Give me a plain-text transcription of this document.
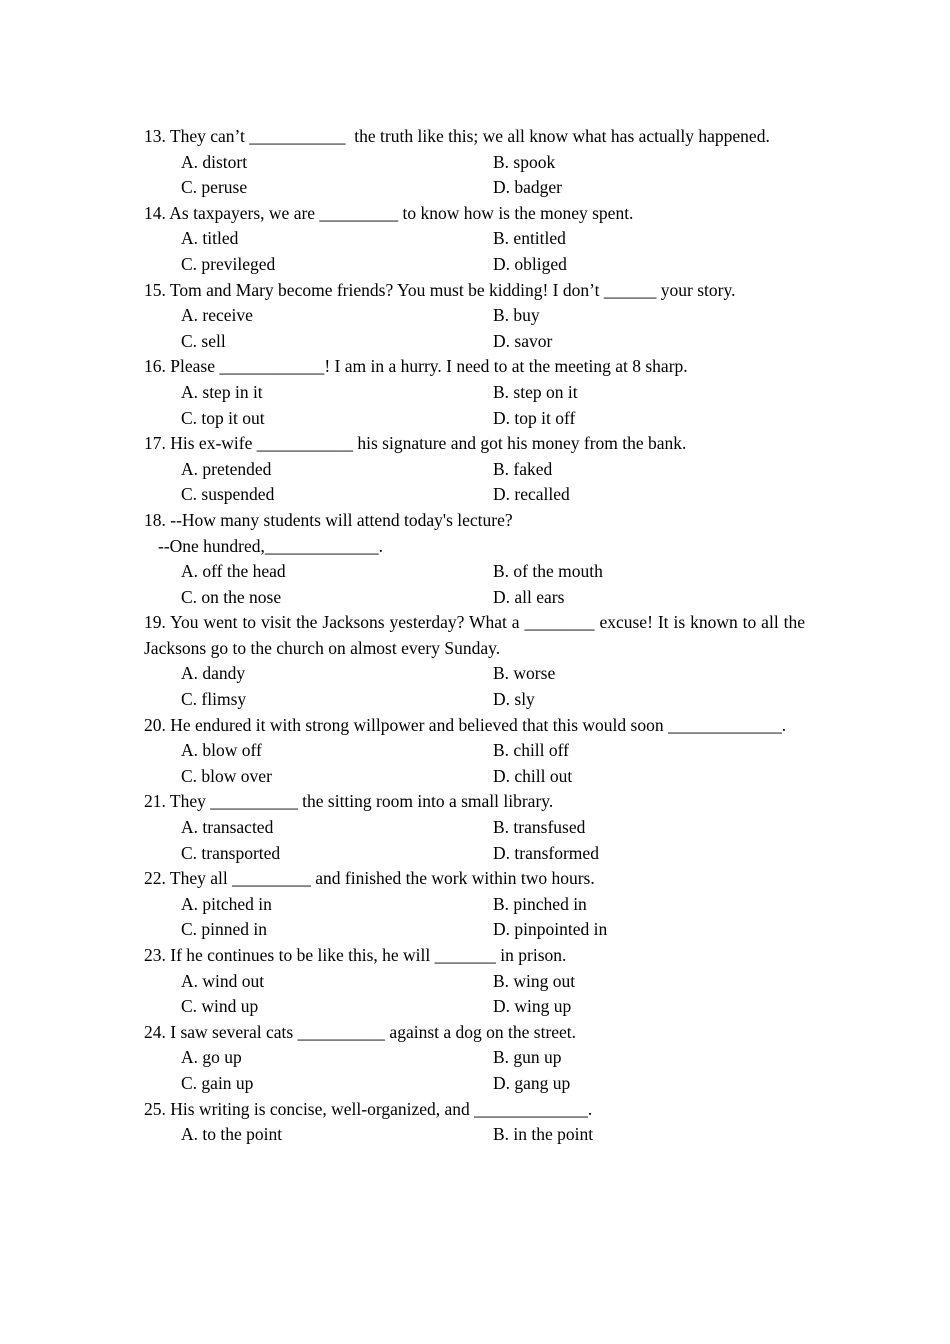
13. They can’t ___________  the truth like this; we all know what has actually happened.
A. distort	B. spook
C. peruse	D. badger
14. As taxpayers, we are _________ to know how is the money spent.
A. titled	B. entitled
C. previleged	D. obliged
15. Tom and Mary become friends? You must be kidding! I don’t ______ your story.
A. receive	B. buy
C. sell	D. savor
16. Please ____________! I am in a hurry. I need to at the meeting at 8 sharp.
A. step in it	B. step on it
C. top it out	D. top it off
17. His ex-wife ___________ his signature and got his money from the bank.
A. pretended	B. faked
C. suspended	D. recalled
18. --How many students will attend today's lecture?
--One hundred,_____________.
A. off the head	B. of the mouth
C. on the nose	D. all ears
19. You went to visit the Jacksons yesterday? What a ________ excuse! It is known to all the Jacksons go to the church on almost every Sunday.
A. dandy	B. worse
C. flimsy	D. sly
20. He endured it with strong willpower and believed that this would soon _____________.
A. blow off	B. chill off
C. blow over	D. chill out
21. They __________ the sitting room into a small library.
A. transacted	B. transfused
C. transported	D. transformed
22. They all _________ and finished the work within two hours.
A. pitched in	B. pinched in
C. pinned in	D. pinpointed in
23. If he continues to be like this, he will _______ in prison.
A. wind out	B. wing out
C. wind up	D. wing up
24. I saw several cats __________ against a dog on the street.
A. go up	B. gun up
C. gain up	D. gang up
25. His writing is concise, well-organized, and _____________.
A. to the point	B. in the point
